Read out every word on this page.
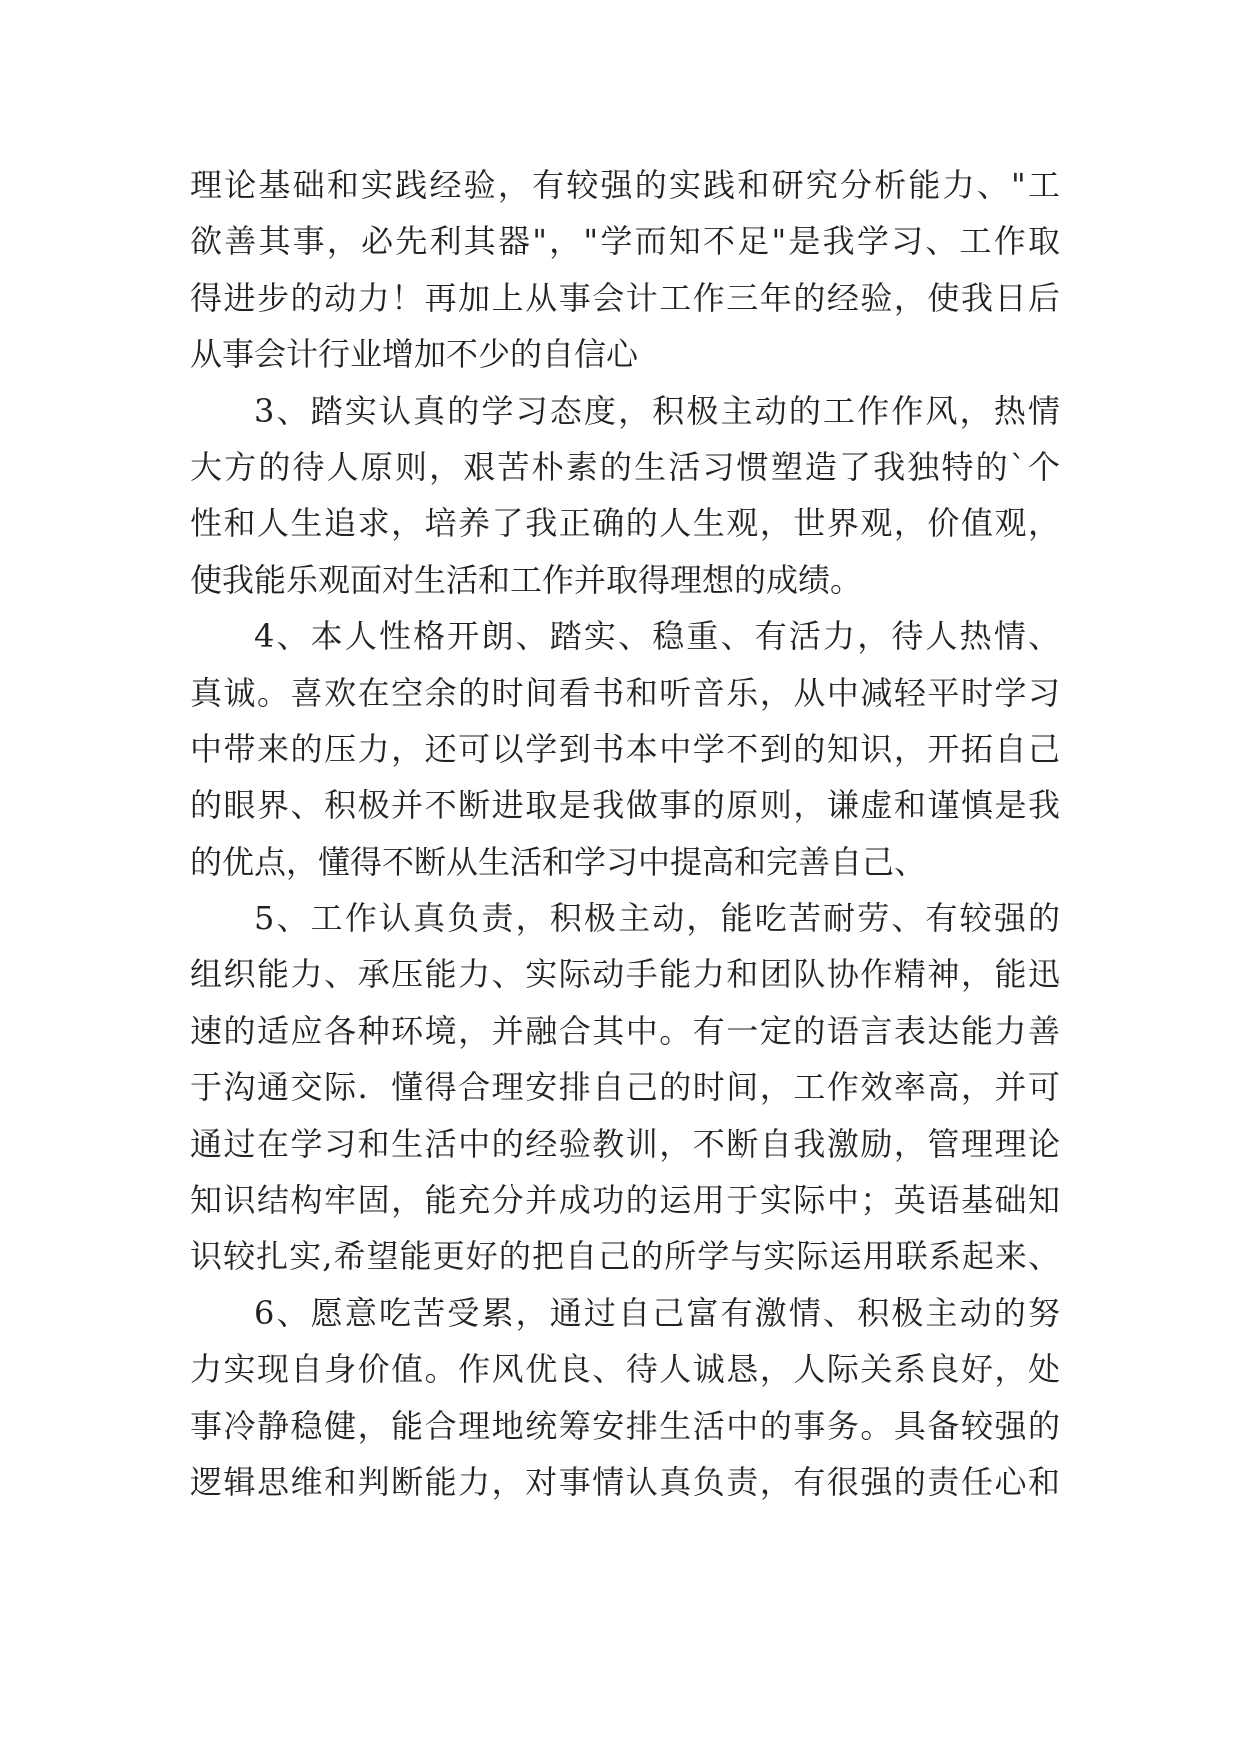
理论基础和实践经验，有较强的实践和研究分析能力、"工
欲善其事，必先利其器"，"学而知不足"是我学习、工作取
得进步的动力！再加上从事会计工作三年的经验，使我日后
从事会计行业增加不少的自信心
3、踏实认真的学习态度，积极主动的工作作风，热情
大方的待人原则，艰苦朴素的生活习惯塑造了我独特的`个
性和人生追求，培养了我正确的人生观，世界观，价值观，
使我能乐观面对生活和工作并取得理想的成绩。
4、本人性格开朗、踏实、稳重、有活力，待人热情、
真诚。喜欢在空余的时间看书和听音乐，从中减轻平时学习
中带来的压力，还可以学到书本中学不到的知识，开拓自己
的眼界、积极并不断进取是我做事的原则，谦虚和谨慎是我
的优点，懂得不断从生活和学习中提高和完善自己、
5、工作认真负责，积极主动，能吃苦耐劳、有较强的
组织能力、承压能力、实际动手能力和团队协作精神，能迅
速的适应各种环境，并融合其中。有一定的语言表达能力善
于沟通交际．懂得合理安排自己的时间，工作效率高，并可
通过在学习和生活中的经验教训，不断自我激励，管理理论
知识结构牢固，能充分并成功的运用于实际中；英语基础知
识较扎实,希望能更好的把自己的所学与实际运用联系起来、
6、愿意吃苦受累，通过自己富有激情、积极主动的努
力实现自身价值。作风优良、待人诚恳，人际关系良好，处
事冷静稳健，能合理地统筹安排生活中的事务。具备较强的
逻辑思维和判断能力，对事情认真负责，有很强的责任心和
